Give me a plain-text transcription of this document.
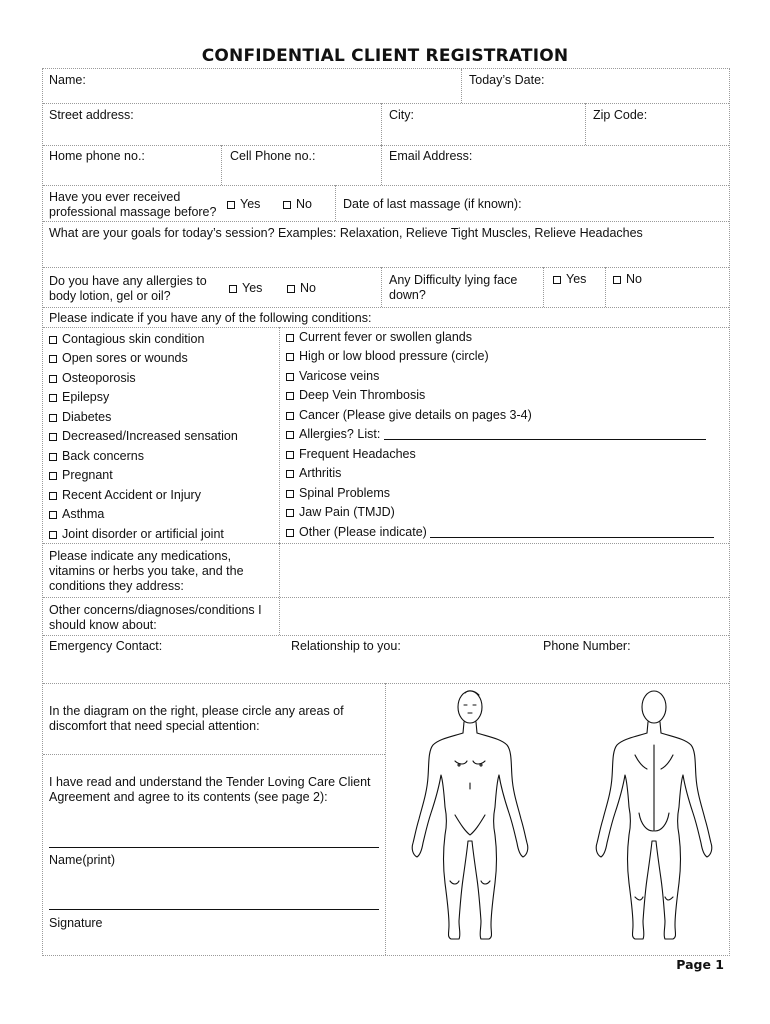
CONFIDENTIAL CLIENT REGISTRATION
Name:	Today’s Date:
Street address:	City:	Zip Code:
Home phone no.:	Cell Phone no.:	Email Address:
Have you ever received
professional massage before?
Yes	No	Date of last massage (if known):
What are your goals for today’s session? Examples: Relaxation, Relieve Tight Muscles, Relieve Headaches
Do you have any allergies to
body lotion, gel or oil?
Yes	No
Any Difficulty lying face
down?
Yes	No
Please indicate if you have any of the following conditions:
Contagious skin condition
Open sores or wounds
Osteoporosis
Epilepsy
Diabetes
Decreased/Increased sensation
Back concerns
Pregnant
Recent Accident or Injury
Asthma
Joint disorder or artificial joint
Current fever or swollen glands
High or low blood pressure (circle)
Varicose veins
Deep Vein Thrombosis
Cancer (Please give details on pages 3-4)
Allergies? List:
Frequent Headaches
Arthritis
Spinal Problems
Jaw Pain (TMJD)
Other (Please indicate)
Please indicate any medications,
vitamins or herbs you take, and the
conditions they address:
Other concerns/diagnoses/conditions I
should know about:
Emergency Contact:	Relationship to you:	Phone Number:
In the diagram on the right, please circle any areas of
discomfort that need special attention:
I have read and understand the Tender Loving Care Client
Agreement and agree to its contents (see page 2):
Name(print)
Signature
Page 1
